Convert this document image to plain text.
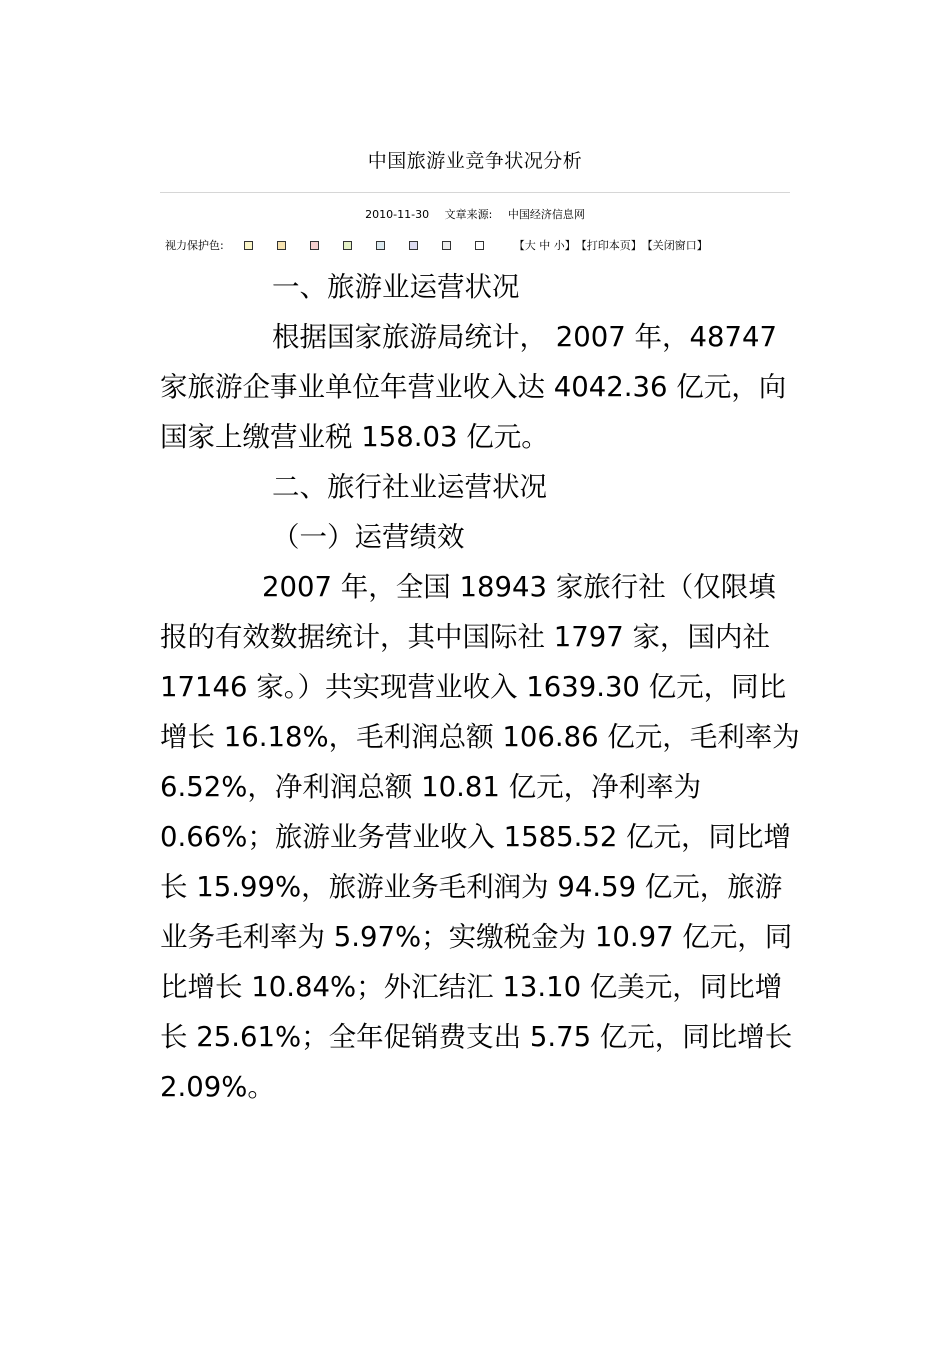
中国旅游业竞争状况分析
2010-11-30 文章来源: 中国经济信息网
视力保护色:	【大 中 小】 【打印本页】 【关闭窗口】

一、旅游业运营状况

根据国家旅游局统计， 2007 年，48747 家旅游企事业单位年营业收入达 4042.36 亿元，向国家上缴营业税 158.03 亿元。

二、旅行社业运营状况

（一）运营绩效

2007 年，全国 18943 家旅行社（仅限填报的有效数据统计，其中国际社 1797 家，国内社 17146 家。）共实现营业收入 1639.30 亿元，同比增长 16.18%，毛利润总额 106.86 亿元，毛利率为 6.52%，净利润总额 10.81 亿元，净利率为 0.66%；旅游业务营业收入 1585.52 亿元，同比增长 15.99%，旅游业务毛利润为 94.59 亿元，旅游业务毛利率为 5.97%；实缴税金为 10.97 亿元，同比增长 10.84%；外汇结汇 13.10 亿美元，同比增长 25.61%；全年促销费支出 5.75 亿元，同比增长 2.09%。
